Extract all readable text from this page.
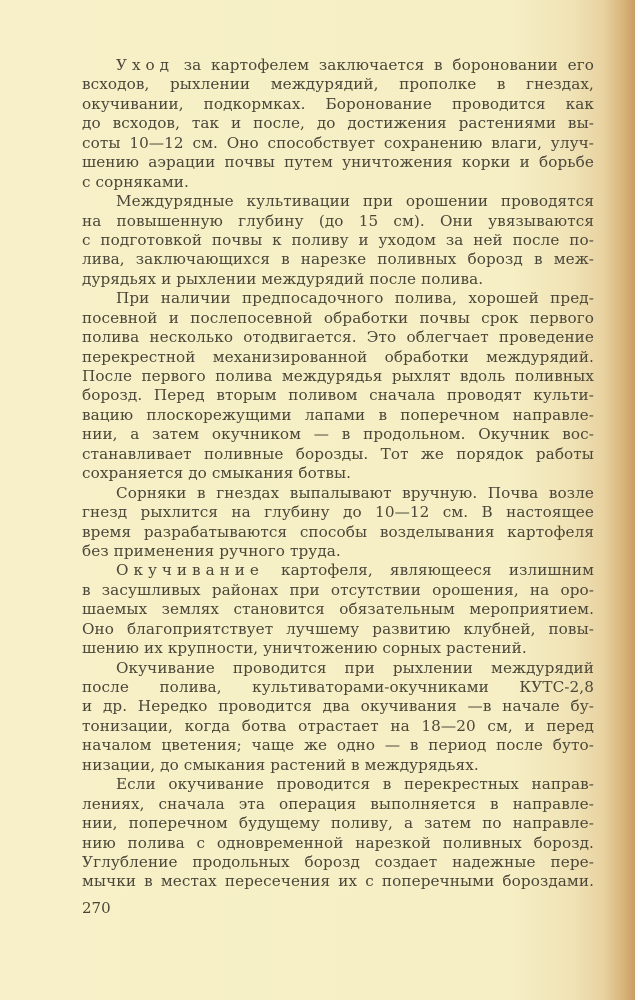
Уход за картофелем заключается в бороновании его
всходов, рыхлении междурядий, прополке в гнездах,
окучивании, подкормках. Боронование проводится как
до всходов, так и после, до достижения растениями вы-
соты 10—12 см. Оно способствует сохранению влаги, улуч-
шению аэрации почвы путем уничтожения корки и борьбе
с сорняками.
Междурядные культивации при орошении проводятся
на повышенную глубину (до 15 см). Они увязываются
с подготовкой почвы к поливу и уходом за ней после по-
лива, заключающихся в нарезке поливных борозд в меж-
дурядьях и рыхлении междурядий после полива.
При наличии предпосадочного полива, хорошей пред-
посевной и послепосевной обработки почвы срок первого
полива несколько отодвигается. Это облегчает проведение
перекрестной механизированной обработки междурядий.
После первого полива междурядья рыхлят вдоль поливных
борозд. Перед вторым поливом сначала проводят культи-
вацию плоскорежущими лапами в поперечном направле-
нии, а затем окучником — в продольном. Окучник вос-
станавливает поливные борозды. Тот же порядок работы
сохраняется до смыкания ботвы.
Сорняки в гнездах выпалывают вручную. Почва возле
гнезд рыхлится на глубину до 10—12 см. В настоящее
время разрабатываются способы возделывания картофеля
без применения ручного труда.
Окучивание картофеля, являющееся излишним
в засушливых районах при отсутствии орошения, на оро-
шаемых землях становится обязательным мероприятием.
Оно благоприятствует лучшему развитию клубней, повы-
шению их крупности, уничтожению сорных растений.
Окучивание проводится при рыхлении междурядий
после полива, культиваторами-окучниками КУТС-2,8
и др. Нередко проводится два окучивания —в начале бу-
тонизации, когда ботва отрастает на 18—20 см, и перед
началом цветения; чаще же одно — в период после буто-
низации, до смыкания растений в междурядьях.
Если окучивание проводится в перекрестных направ-
лениях, сначала эта операция выполняется в направле-
нии, поперечном будущему поливу, а затем по направле-
нию полива с одновременной нарезкой поливных борозд.
Углубление продольных борозд создает надежные пере-
мычки в местах пересечения их с поперечными бороздами.
270
